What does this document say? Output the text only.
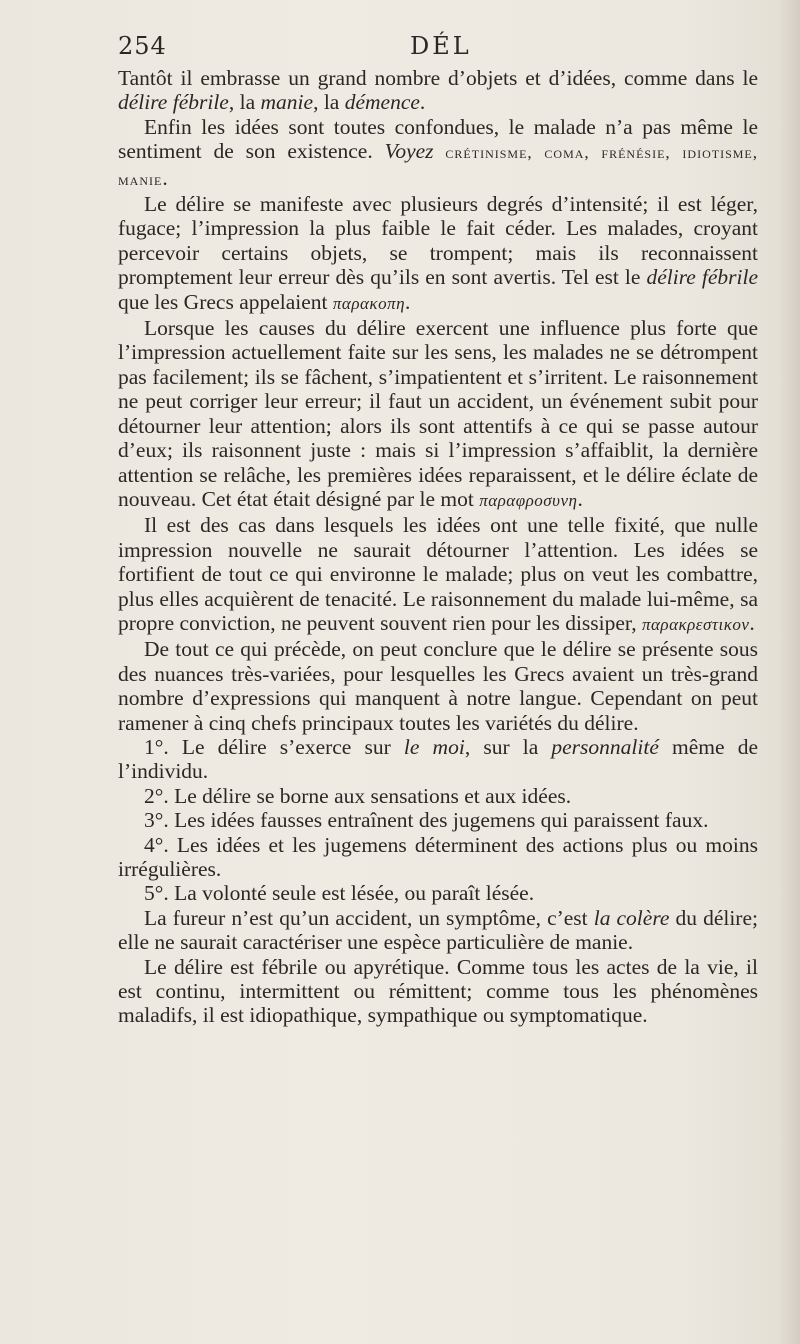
254	DÉL

Tantôt il embrasse un grand nombre d’objets et d’idées, comme dans le délire fébrile, la manie, la démence.

Enfin les idées sont toutes confondues, le malade n’a pas même le sentiment de son existence. Voyez crétinisme, coma, frénésie, idiotisme, manie.

Le délire se manifeste avec plusieurs degrés d’intensité; il est léger, fugace; l’impression la plus faible le fait céder. Les malades, croyant percevoir certains objets, se trompent; mais ils reconnaissent promptement leur erreur dès qu’ils en sont avertis. Tel est le délire fébrile que les Grecs appelaient παρακοπη.

Lorsque les causes du délire exercent une influence plus forte que l’impression actuellement faite sur les sens, les malades ne se détrompent pas facilement; ils se fâchent, s’impatientent et s’irritent. Le raisonnement ne peut corriger leur erreur; il faut un accident, un événement subit pour détourner leur attention; alors ils sont attentifs à ce qui se passe autour d’eux; ils raisonnent juste : mais si l’impression s’affaiblit, la dernière attention se relâche, les premières idées reparaissent, et le délire éclate de nouveau. Cet état était désigné par le mot παραφροσυνη.

Il est des cas dans lesquels les idées ont une telle fixité, que nulle impression nouvelle ne saurait détourner l’attention. Les idées se fortifient de tout ce qui environne le malade; plus on veut les combattre, plus elles acquièrent de tenacité. Le raisonnement du malade lui-même, sa propre conviction, ne peuvent souvent rien pour les dissiper, παρακρεστικον.

De tout ce qui précède, on peut conclure que le délire se présente sous des nuances très-variées, pour lesquelles les Grecs avaient un très-grand nombre d’expressions qui manquent à notre langue. Cependant on peut ramener à cinq chefs principaux toutes les variétés du délire.

1°. Le délire s’exerce sur le moi, sur la personnalité même de l’individu.

2°. Le délire se borne aux sensations et aux idées.

3°. Les idées fausses entraînent des jugemens qui paraissent faux.

4°. Les idées et les jugemens déterminent des actions plus ou moins irrégulières.

5°. La volonté seule est lésée, ou paraît lésée.

La fureur n’est qu’un accident, un symptôme, c’est la colère du délire; elle ne saurait caractériser une espèce particulière de manie.

Le délire est fébrile ou apyrétique. Comme tous les actes de la vie, il est continu, intermittent ou rémittent; comme tous les phénomènes maladifs, il est idiopathique, sympathique ou symptomatique.
